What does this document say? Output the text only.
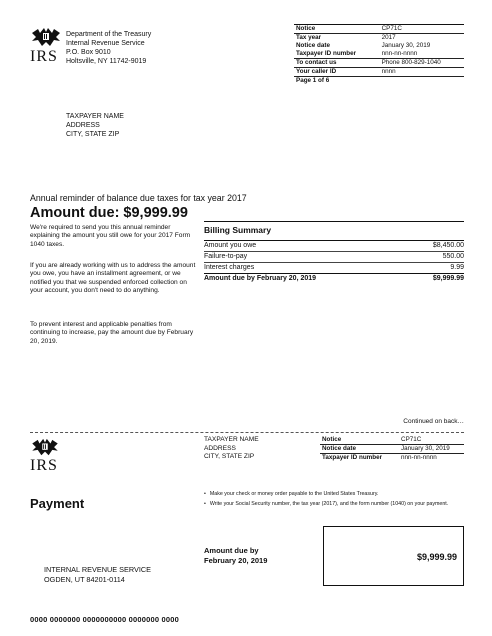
IRS
Department of the Treasury
Internal Revenue Service
P.O. Box 9010
Holtsville, NY 11742-9019
Notice	CP71C
Tax year	2017
Notice date	January 30, 2019
Taxpayer ID number	nnn-nn-nnnn
To contact us	Phone 800-829-1040
Your caller ID	nnnn
Page 1 of 6	
TAXPAYER NAME
ADDRESS
CITY, STATE ZIP
Annual reminder of balance due taxes for tax year 2017
Amount due: $9,999.99
We're required to send you this annual reminder explaining the amount you still owe for your 2017 Form 1040 taxes.
If you are already working with us to address the amount you owe, you have an installment agreement, or we notified you that we suspended enforced collection on your account, you don't need to do anything.
To prevent interest and applicable penalties from continuing to increase, pay the amount due by February 20, 2019.
Billing Summary
Amount you owe	$8,450.00
Failure-to-pay	550.00
Interest charges	9.99
Amount due by February 20, 2019	$9,999.99
Continued on back…
IRS
TAXPAYER NAME
ADDRESS
CITY, STATE ZIP
Notice	CP71C
Notice date	January 30, 2019
Taxpayer ID number	nnn-nn-nnnn
Payment
• Make your check or money order payable to the United States Treasury.
• Write your Social Security number, the tax year (2017), and the form number (1040) on your payment.
Amount due by February 20, 2019	$9,999.99
INTERNAL REVENUE SERVICE
OGDEN, UT 84201-0114
0000 0000000 0000000000 0000000 0000
